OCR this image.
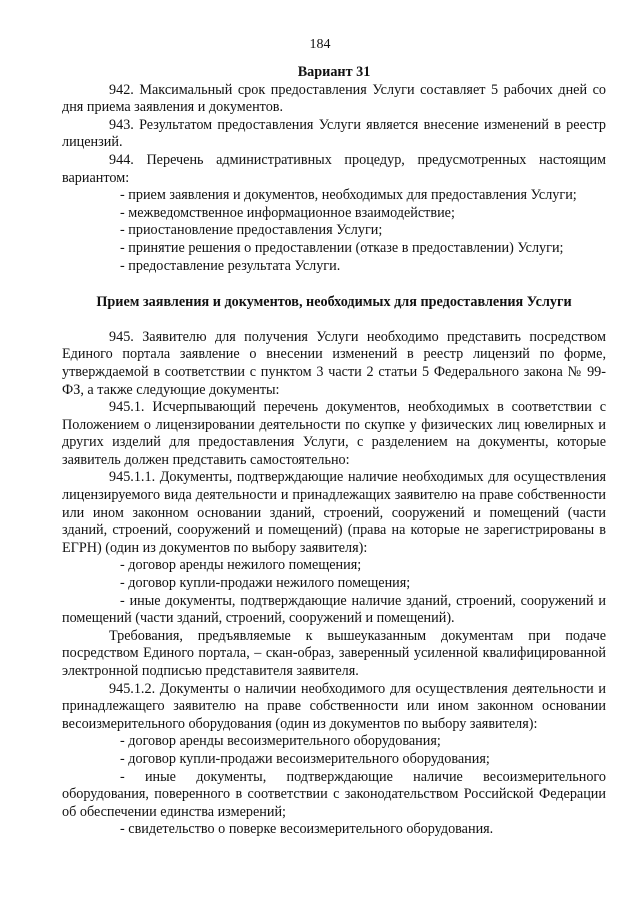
184

Вариант 31

942. Максимальный срок предоставления Услуги составляет 5 рабочих дней со дня приема заявления и документов.

943. Результатом предоставления Услуги является внесение изменений в реестр лицензий.

944. Перечень административных процедур, предусмотренных настоящим вариантом:

- прием заявления и документов, необходимых для предоставления Услуги;

- межведомственное информационное взаимодействие;

- приостановление предоставления Услуги;

- принятие решения о предоставлении (отказе в предоставлении) Услуги;

- предоставление результата Услуги.

Прием заявления и документов, необходимых для предоставления Услуги

945. Заявителю для получения Услуги необходимо представить посредством Единого портала заявление о внесении изменений в реестр лицензий по форме, утверждаемой в соответствии с пунктом 3 части 2 статьи 5 Федерального закона № 99-ФЗ, а также следующие документы:

945.1. Исчерпывающий перечень документов, необходимых в соответствии с Положением о лицензировании деятельности по скупке у физических лиц ювелирных и других изделий для предоставления Услуги, с разделением на документы, которые заявитель должен представить самостоятельно:

945.1.1. Документы, подтверждающие наличие необходимых для осуществления лицензируемого вида деятельности и принадлежащих заявителю на праве собственности или ином законном основании зданий, строений, сооружений и помещений (части зданий, строений, сооружений и помещений) (права на которые не зарегистрированы в ЕГРН) (один из документов по выбору заявителя):

- договор аренды нежилого помещения;

- договор купли-продажи нежилого помещения;

- иные документы, подтверждающие наличие зданий, строений, сооружений и помещений (части зданий, строений, сооружений и помещений).

Требования, предъявляемые к вышеуказанным документам при подаче посредством Единого портала, – скан-образ, заверенный усиленной квалифицированной электронной подписью представителя заявителя.

945.1.2. Документы о наличии необходимого для осуществления деятельности и принадлежащего заявителю на праве собственности или ином законном основании весоизмерительного оборудования (один из документов по выбору заявителя):

- договор аренды весоизмерительного оборудования;

- договор купли-продажи весоизмерительного оборудования;

- иные документы, подтверждающие наличие весоизмерительного оборудования, поверенного в соответствии с законодательством Российской Федерации об обеспечении единства измерений;

- свидетельство о поверке весоизмерительного оборудования.
